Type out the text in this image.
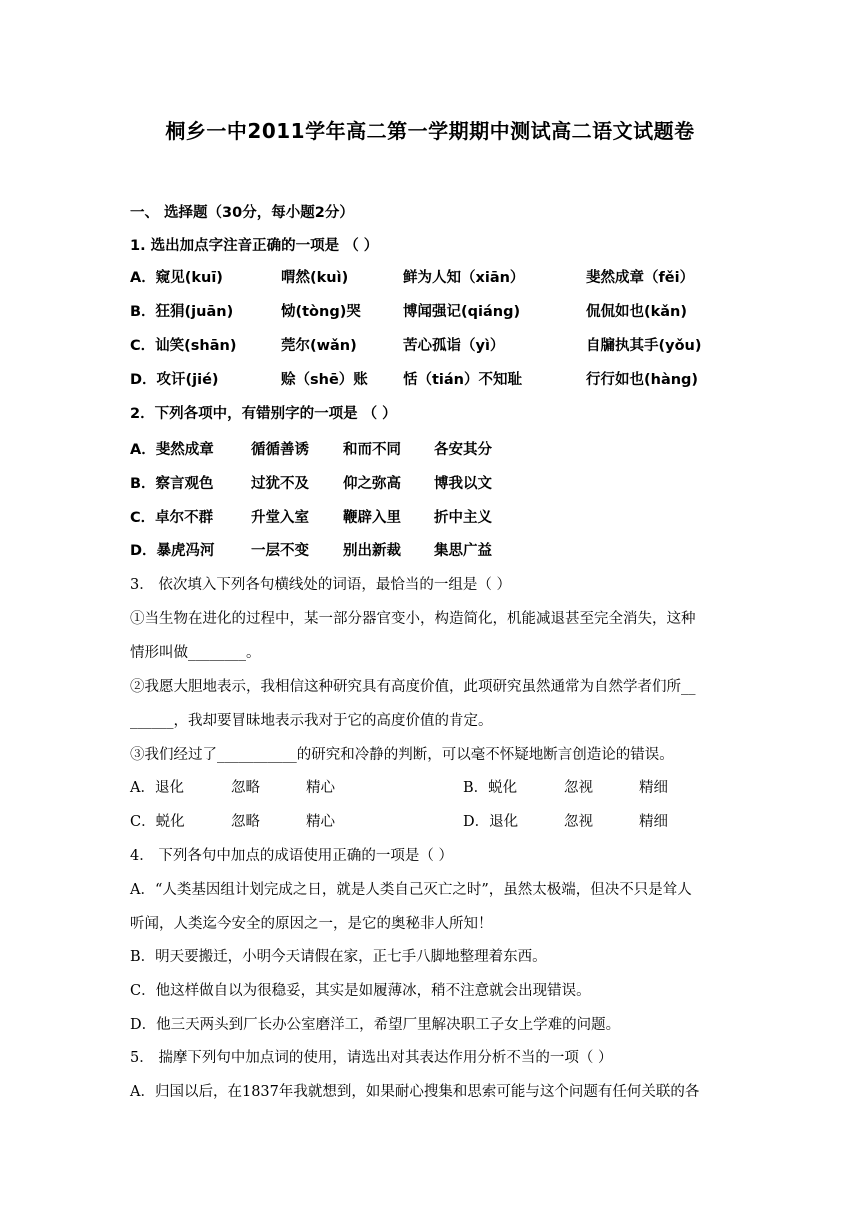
桐乡一中2011学年高二第一学期期中测试高二语文试题卷
一、 选择题（30分，每小题2分）
1. 选出加点字注音正确的一项是 （ ）
A．窥见(kuī)	喟然(kuì)	鲜为人知（xiān）	斐然成章（fěi）
B．狂狷(juān)	恸(tòng)哭	博闻强记(qiáng)	侃侃如也(kǎn)
C．讪笑(shān)	莞尔(wǎn)	苦心孤诣（yì）	自牖执其手(yǒu)
D．攻讦(jié)	赊（shē）账 恬（tián）不知耻	行行如也(hàng)
2．下列各项中，有错别字的一项是 （ ）
A．斐然成章	循循善诱 和而不同 各安其分
B．察言观色	过犹不及 仰之弥高 博我以文
C．卓尔不群	升堂入室 鞭辟入里 折中主义
D．暴虎冯河	一层不变 别出新裁 集思广益
3． 依次填入下列各句横线处的词语，最恰当的一组是（ ）
①当生物在进化的过程中，某一部分器官变小，构造简化，机能减退甚至完全消失，这种
情形叫做________。
②我愿大胆地表示，我相信这种研究具有高度价值，此项研究虽然通常为自然学者们所__
______，我却要冒昧地表示我对于它的高度价值的肯定。
③我们经过了___________的研究和冷静的判断，可以毫不怀疑地断言创造论的错误。
A．退化	忽略	精心	B．蜕化	忽视	精细
C．蜕化	忽略	精心	D．退化	忽视	精细
4． 下列各句中加点的成语使用正确的一项是（ ）
A．“人类基因组计划完成之日，就是人类自己灭亡之时”，虽然太极端，但决不只是耸人
听闻，人类迄今安全的原因之一，是它的奥秘非人所知！
B．明天要搬迁，小明今天请假在家，正七手八脚地整理着东西。
C．他这样做自以为很稳妥，其实是如履薄冰，稍不注意就会出现错误。
D．他三天两头到厂长办公室磨洋工，希望厂里解决职工子女上学难的问题。
5． 揣摩下列句中加点词的使用，请选出对其表达作用分析不当的一项（ ）
A．归国以后，在1837年我就想到，如果耐心搜集和思索可能与这个问题有任何关联的各
